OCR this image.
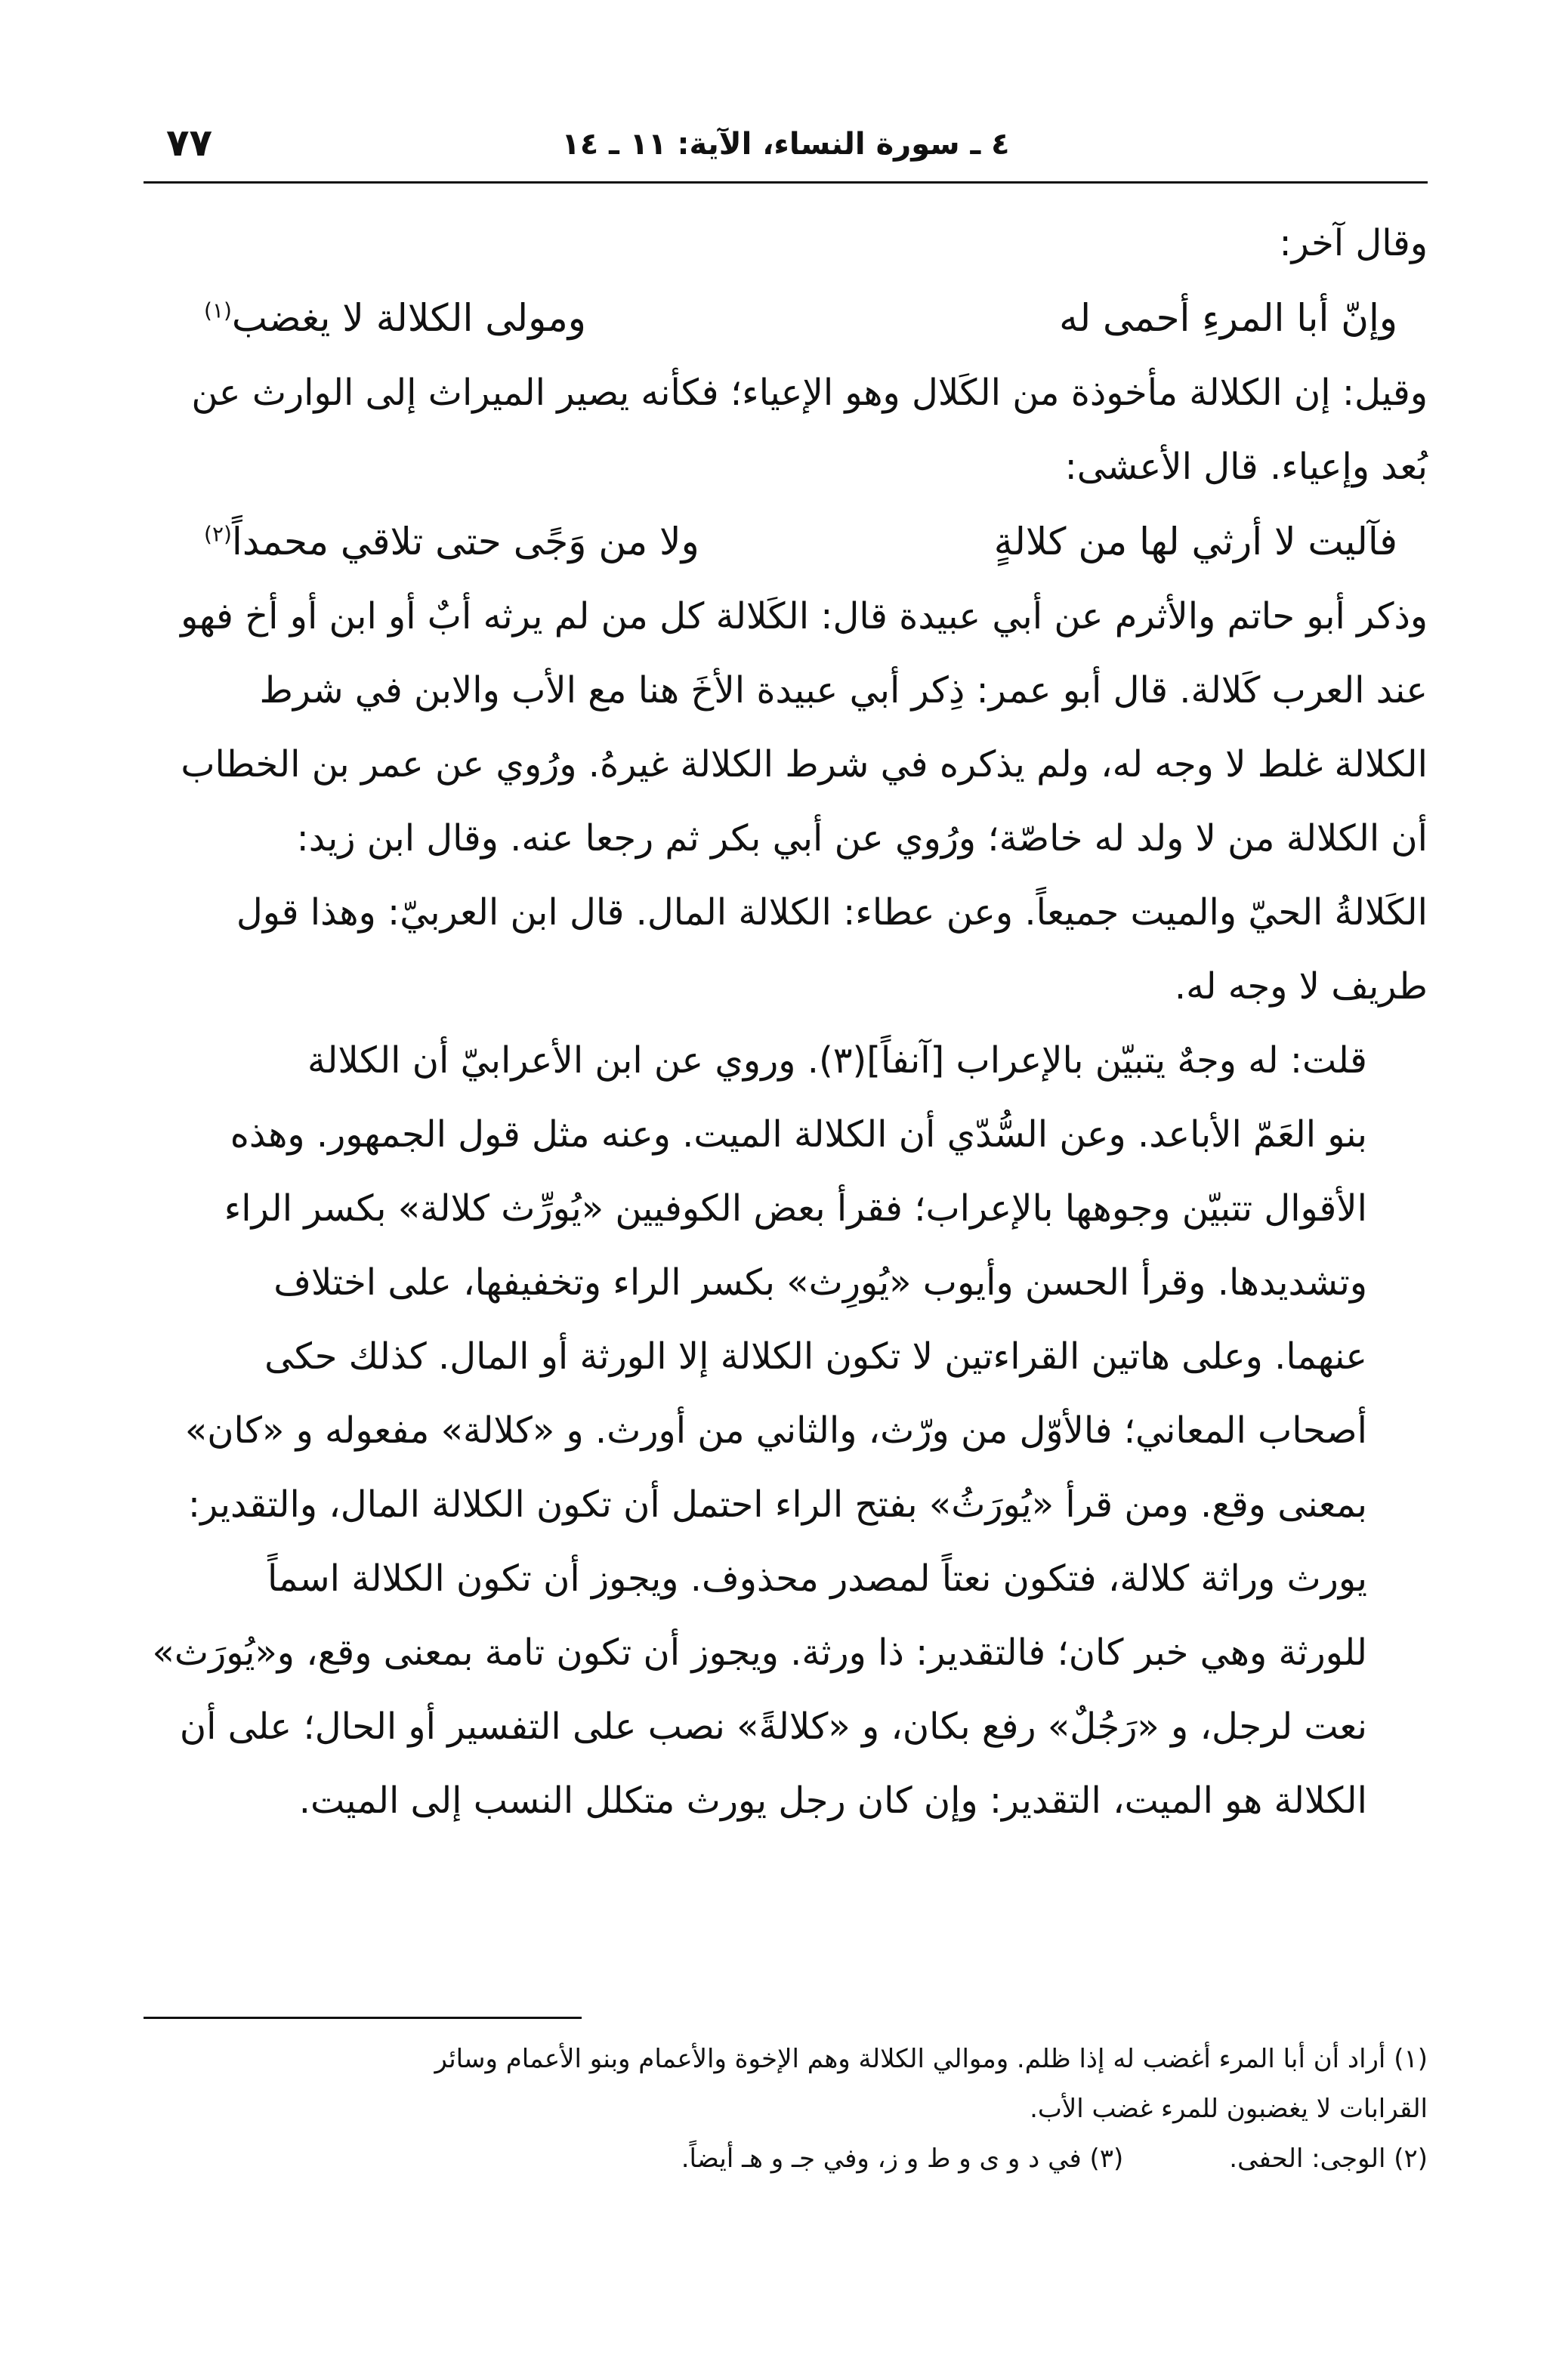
٤ ـ سورة النساء، الآية: ١١ ـ ١٤
٧٧

وقال آخر:

وإنّ أبا المرءِ أحمى له
ومولى الكلالة لا يغضب$^{(١)}$

وقيل: إن الكلالة مأخوذة من الكَلال وهو الإعياء؛ فكأنه يصير الميراث إلى الوارث عن
بُعد وإعياء. قال الأعشى:

فآليت لا أرثي لها من كلالةٍ
ولا من وَجًى حتى تلاقي محمداً$^{(٢)}$

وذكر أبو حاتم والأثرم عن أبي عبيدة قال: الكَلالة كل من لم يرثه أبٌ أو ابن أو أخ فهو
عند العرب كَلالة. قال أبو عمر: ذِكر أبي عبيدة الأخَ هنا مع الأب والابن في شرط
الكلالة غلط لا وجه له، ولم يذكره في شرط الكلالة غيرهُ. ورُوي عن عمر بن الخطاب
أن الكلالة من لا ولد له خاصّة؛ ورُوي عن أبي بكر ثم رجعا عنه. وقال ابن زيد:
الكَلالةُ الحيّ والميت جميعاً. وعن عطاء: الكلالة المال. قال ابن العربيّ: وهذا قول
طريف لا وجه له.

قلت: له وجهٌ يتبيّن بالإعراب [آنفاً](٣). وروي عن ابن الأعرابيّ أن الكلالة
بنو العَمّ الأباعد. وعن السُّدّي أن الكلالة الميت. وعنه مثل قول الجمهور. وهذه
الأقوال تتبيّن وجوهها بالإعراب؛ فقرأ بعض الكوفيين «يُورِّث كلالة» بكسر الراء
وتشديدها. وقرأ الحسن وأيوب «يُورِث» بكسر الراء وتخفيفها، على اختلاف
عنهما. وعلى هاتين القراءتين لا تكون الكلالة إلا الورثة أو المال. كذلك حكى
أصحاب المعاني؛ فالأوّل من ورّث، والثاني من أورث. و «كلالة» مفعوله و «كان»
بمعنى وقع. ومن قرأ «يُورَثُ» بفتح الراء احتمل أن تكون الكلالة المال، والتقدير:
يورث وراثة كلالة، فتكون نعتاً لمصدر محذوف. ويجوز أن تكون الكلالة اسماً
للورثة وهي خبر كان؛ فالتقدير: ذا ورثة. ويجوز أن تكون تامة بمعنى وقع، و«يُورَث»
نعت لرجل، و «رَجُلٌ» رفع بكان، و «كلالةً» نصب على التفسير أو الحال؛ على أن
الكلالة هو الميت، التقدير: وإن كان رجل يورث متكلل النسب إلى الميت.

(١) أراد أن أبا المرء أغضب له إذا ظلم. وموالي الكلالة وهم الإخوة والأعمام وبنو الأعمام وسائر
القرابات لا يغضبون للمرء غضب الأب.
(٢) الوجى: الحفى.
(٣) في د و ى و ط و ز، وفي جـ و هـ أيضاً.
